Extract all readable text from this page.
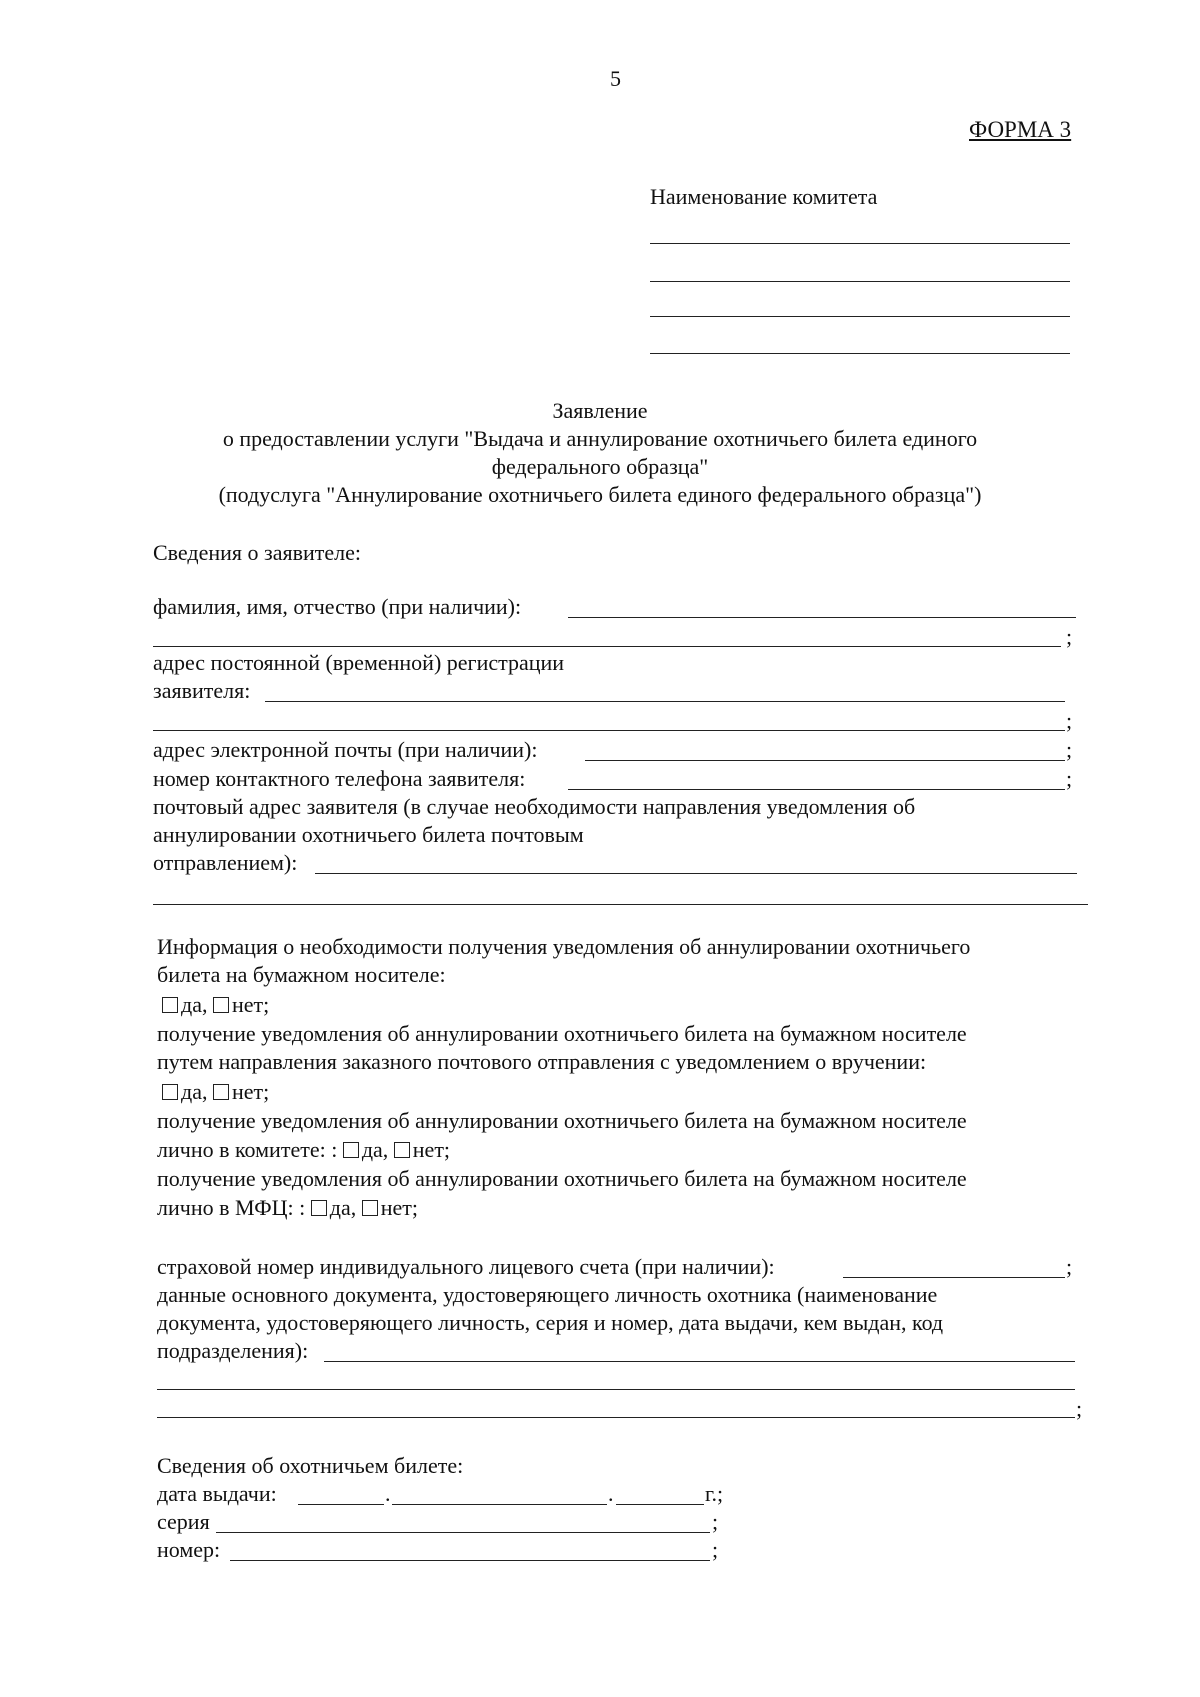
5
ФОРМА 3
Наименование комитета
Заявление
о предоставлении услуги "Выдача и аннулирование охотничьего билета единого
федерального образца"
(подуслуга "Аннулирование охотничьего билета единого федерального образца")
Сведения о заявителе:
фамилия, имя, отчество (при наличии):
;
адрес постоянной (временной) регистрации
заявителя:
;
адрес электронной почты (при наличии):	;
номер контактного телефона заявителя:	;
почтовый адрес заявителя (в случае необходимости направления уведомления об
аннулировании охотничьего билета почтовым
отправлением):
Информация о необходимости получения уведомления об аннулировании охотничьего
билета на бумажном носителе:
да, нет;
получение уведомления об аннулировании охотничьего билета на бумажном носителе
путем направления заказного почтового отправления с уведомлением о вручении:
да, нет;
получение уведомления об аннулировании охотничьего билета на бумажном носителе
лично в комитете: : да, нет;
получение уведомления об аннулировании охотничьего билета на бумажном носителе
лично в МФЦ: : да, нет;
страховой номер индивидуального лицевого счета (при наличии):	;
данные основного документа, удостоверяющего личность охотника (наименование
документа, удостоверяющего личность, серия и номер, дата выдачи, кем выдан, код
подразделения):
;
Сведения об охотничьем билете:
дата выдачи:	.	.	г.;
серия	;
номер:	;
